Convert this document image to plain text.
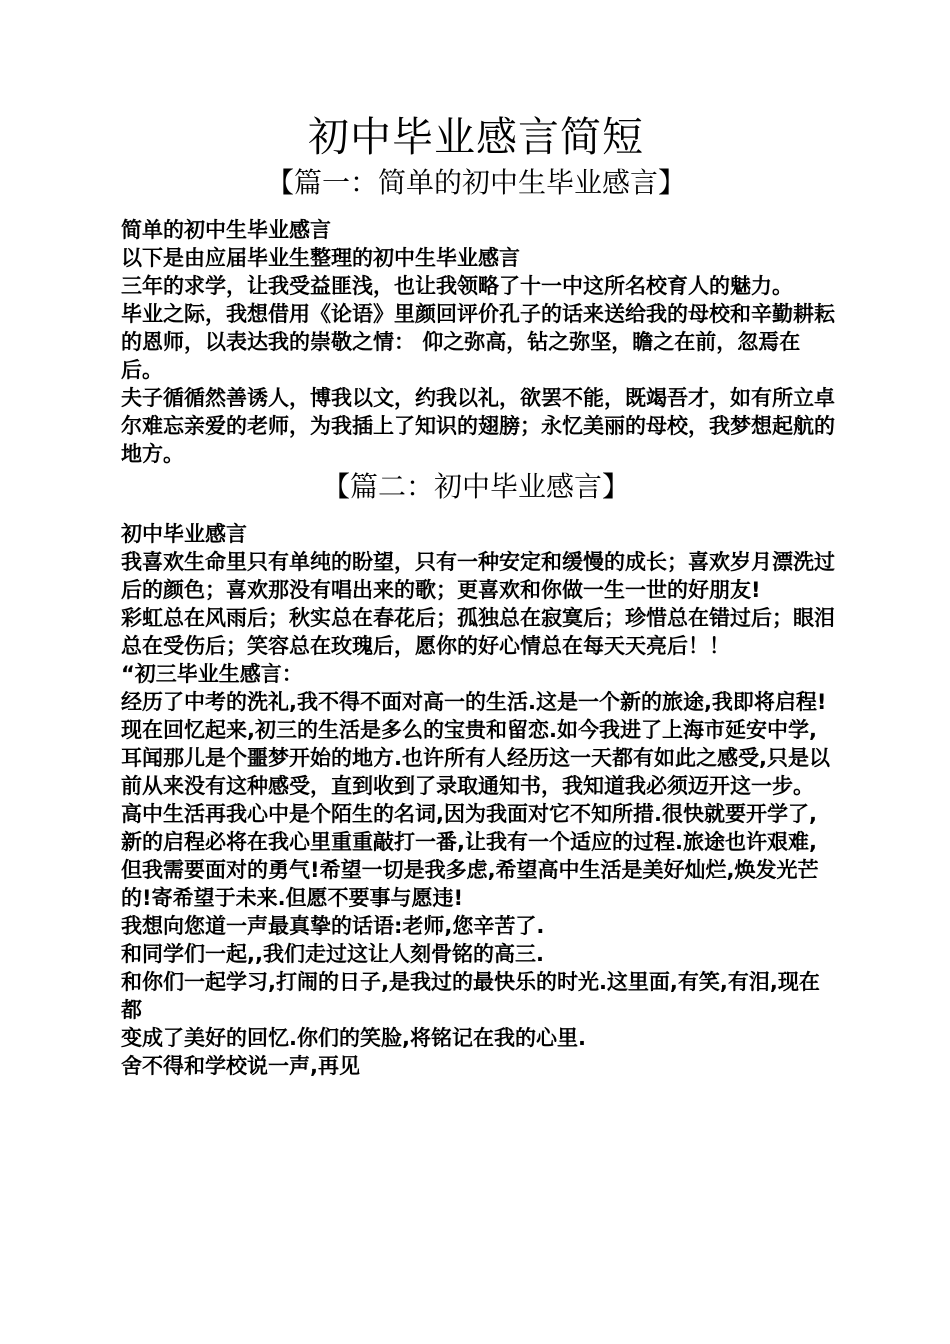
初中毕业感言简短
【篇一：简单的初中生毕业感言】

简单的初中生毕业感言

以下是由应届毕业生整理的初中生毕业感言

三年的求学，让我受益匪浅，也让我领略了十一中这所名校育人的魅力。

毕业之际，我想借用《论语》里颜回评价孔子的话来送给我的母校和辛勤耕耘的恩师，以表达我的崇敬之情： 仰之弥高，钻之弥坚，瞻之在前，忽焉在后。

夫子循循然善诱人，博我以文，约我以礼，欲罢不能，既竭吾才，如有所立卓尔难忘亲爱的老师，为我插上了知识的翅膀；永忆美丽的母校，我梦想起航的地方。

【篇二：初中毕业感言】

初中毕业感言

我喜欢生命里只有单纯的盼望，只有一种安定和缓慢的成长；喜欢岁月漂洗过后的颜色；喜欢那没有唱出来的歌；更喜欢和你做一生一世的好朋友!

彩虹总在风雨后；秋实总在春花后；孤独总在寂寞后；珍惜总在错过后；眼泪总在受伤后；笑容总在玫瑰后，愿你的好心情总在每天天亮后！！

“初三毕业生感言：

经历了中考的洗礼,我不得不面对高一的生活.这是一个新的旅途,我即将启程!

现在回忆起来,初三的生活是多么的宝贵和留恋.如今我进了上海市延安中学,耳闻那儿是个噩梦开始的地方.也许所有人经历这一天都有如此之感受,只是以前从来没有这种感受，直到收到了录取通知书，我知道我必须迈开这一步。 高中生活再我心中是个陌生的名词,因为我面对它不知所措.很快就要开学了,新的启程必将在我心里重重敲打一番,让我有一个适应的过程.旅途也许艰难,但我需要面对的勇气!希望一切是我多虑,希望高中生活是美好灿烂,焕发光芒的!寄希望于未来.但愿不要事与愿违!

我想向您道一声最真挚的话语:老师,您辛苦了.

和同学们一起,,我们走过这让人刻骨铭的高三.

和你们一起学习,打闹的日子,是我过的最快乐的时光.这里面,有笑,有泪,现在都

变成了美好的回忆.你们的笑脸,将铭记在我的心里.

舍不得和学校说一声,再见
